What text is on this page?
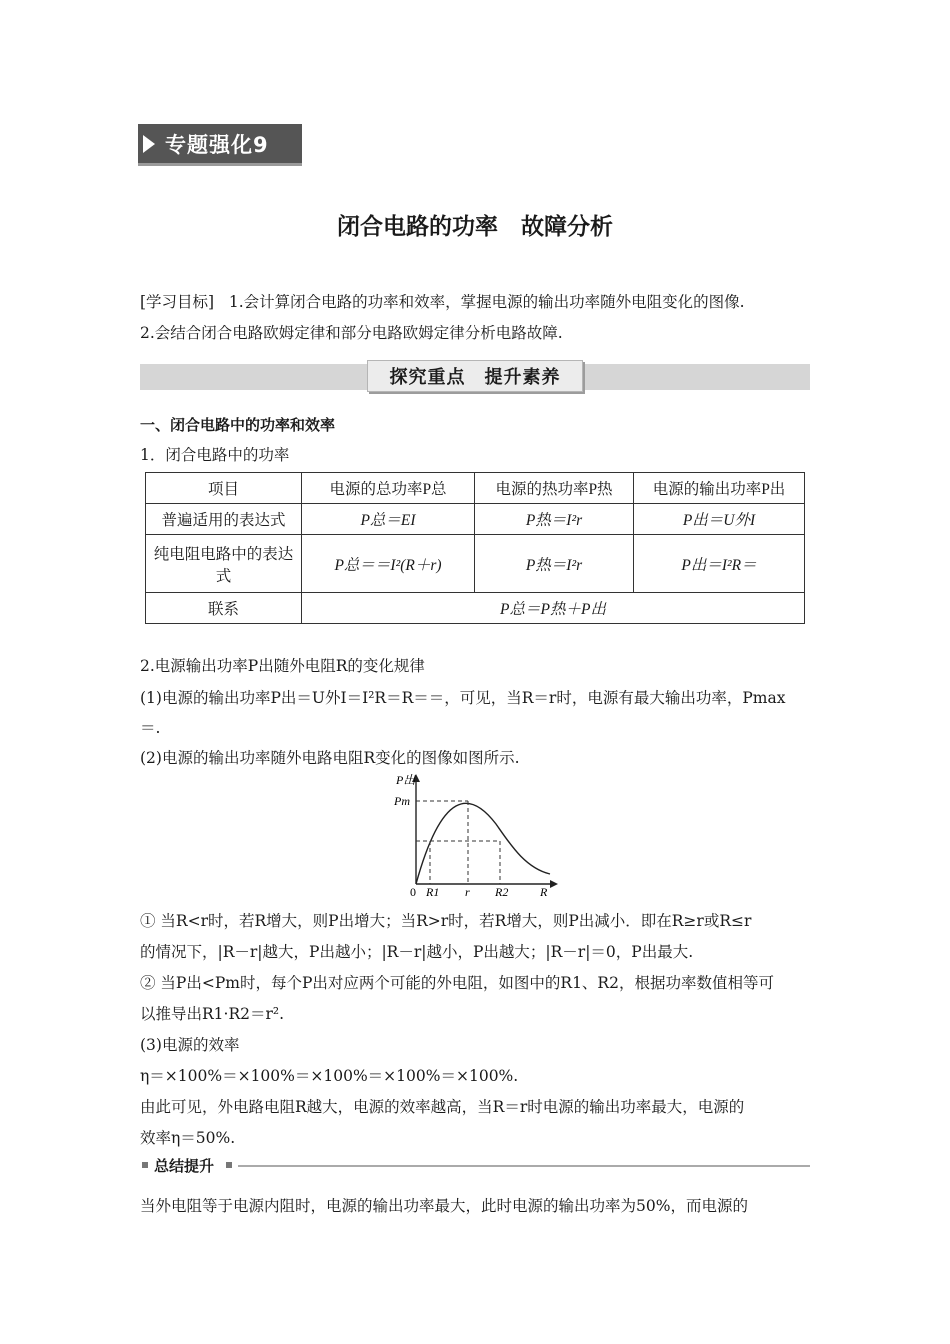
专题强化9
闭合电路的功率　故障分析
[学习目标] 1.会计算闭合电路的功率和效率，掌握电源的输出功率随外电阻变化的图像.
2.会结合闭合电路欧姆定律和部分电路欧姆定律分析电路故障.
探究重点　提升素养
一、闭合电路中的功率和效率
1．闭合电路中的功率
项目	电源的总功率P总	电源的热功率P热	电源的输出功率P出
普遍适用的表达式	P总＝EI	P热＝I²r	P出＝U外I
纯电阻电路中的表达式	P总＝＝I²(R＋r)	P热＝I²r	P出＝I²R＝
联系	P总＝P热＋P出		
2.电源输出功率P出随外电阻R的变化规律
(1)电源的输出功率P出＝U外I＝I²R＝R＝＝，可见，当R＝r时，电源有最大输出功率，Pmax
＝.
(2)电源的输出功率随外电路电阻R变化的图像如图所示.
P出
Pm
0 R1 r R2	R
① 当R<r时，若R增大，则P出增大；当R>r时，若R增大，则P出减小．即在R≥r或R≤r
的情况下，|R－r|越大，P出越小；|R－r|越小，P出越大；|R－r|＝0，P出最大.
② 当P出<Pm时，每个P出对应两个可能的外电阻，如图中的R1、R2，根据功率数值相等可
以推导出R1·R2＝r².
(3)电源的效率
η＝×100%＝×100%＝×100%＝×100%＝×100%.
由此可见，外电路电阻R越大，电源的效率越高，当R＝r时电源的输出功率最大，电源的
效率η＝50%.
总结提升
当外电阻等于电源内阻时，电源的输出功率最大，此时电源的输出功率为50%，而电源的
